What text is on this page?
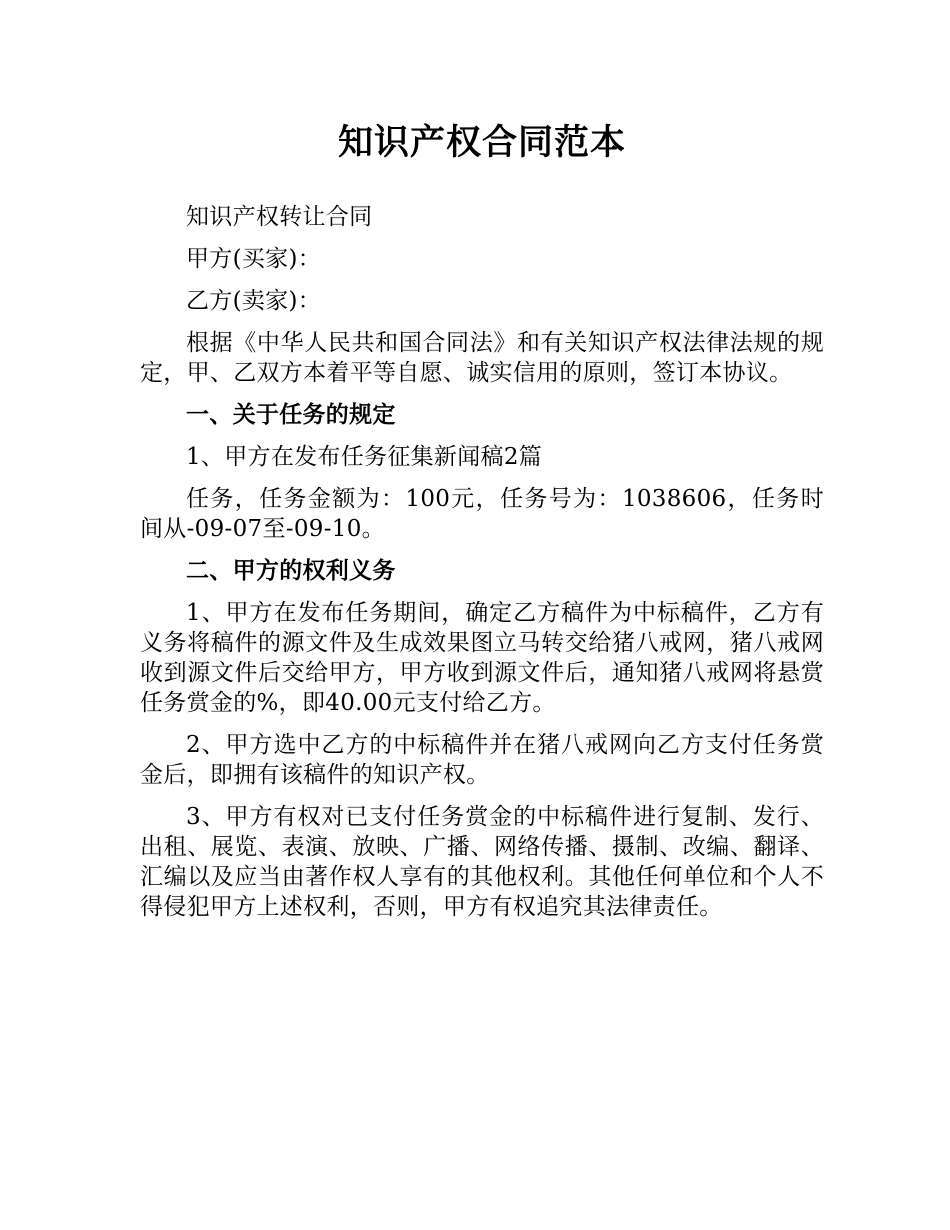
知识产权合同范本

知识产权转让合同

甲方(买家)：

乙方(卖家)：

根据《中华人民共和国合同法》和有关知识产权法律法规的规定，甲、乙双方本着平等自愿、诚实信用的原则，签订本协议。

一、关于任务的规定

1、甲方在发布任务征集新闻稿2篇

任务，任务金额为：100元，任务号为：1038606，任务时间从-09-07至-09-10。

二、甲方的权利义务

1、甲方在发布任务期间，确定乙方稿件为中标稿件，乙方有义务将稿件的源文件及生成效果图立马转交给猪八戒网，猪八戒网收到源文件后交给甲方，甲方收到源文件后，通知猪八戒网将悬赏任务赏金的%，即40.00元支付给乙方。

2、甲方选中乙方的中标稿件并在猪八戒网向乙方支付任务赏金后，即拥有该稿件的知识产权。

3、甲方有权对已支付任务赏金的中标稿件进行复制、发行、出租、展览、表演、放映、广播、网络传播、摄制、改编、翻译、汇编以及应当由著作权人享有的其他权利。其他任何单位和个人不得侵犯甲方上述权利，否则，甲方有权追究其法律责任。
